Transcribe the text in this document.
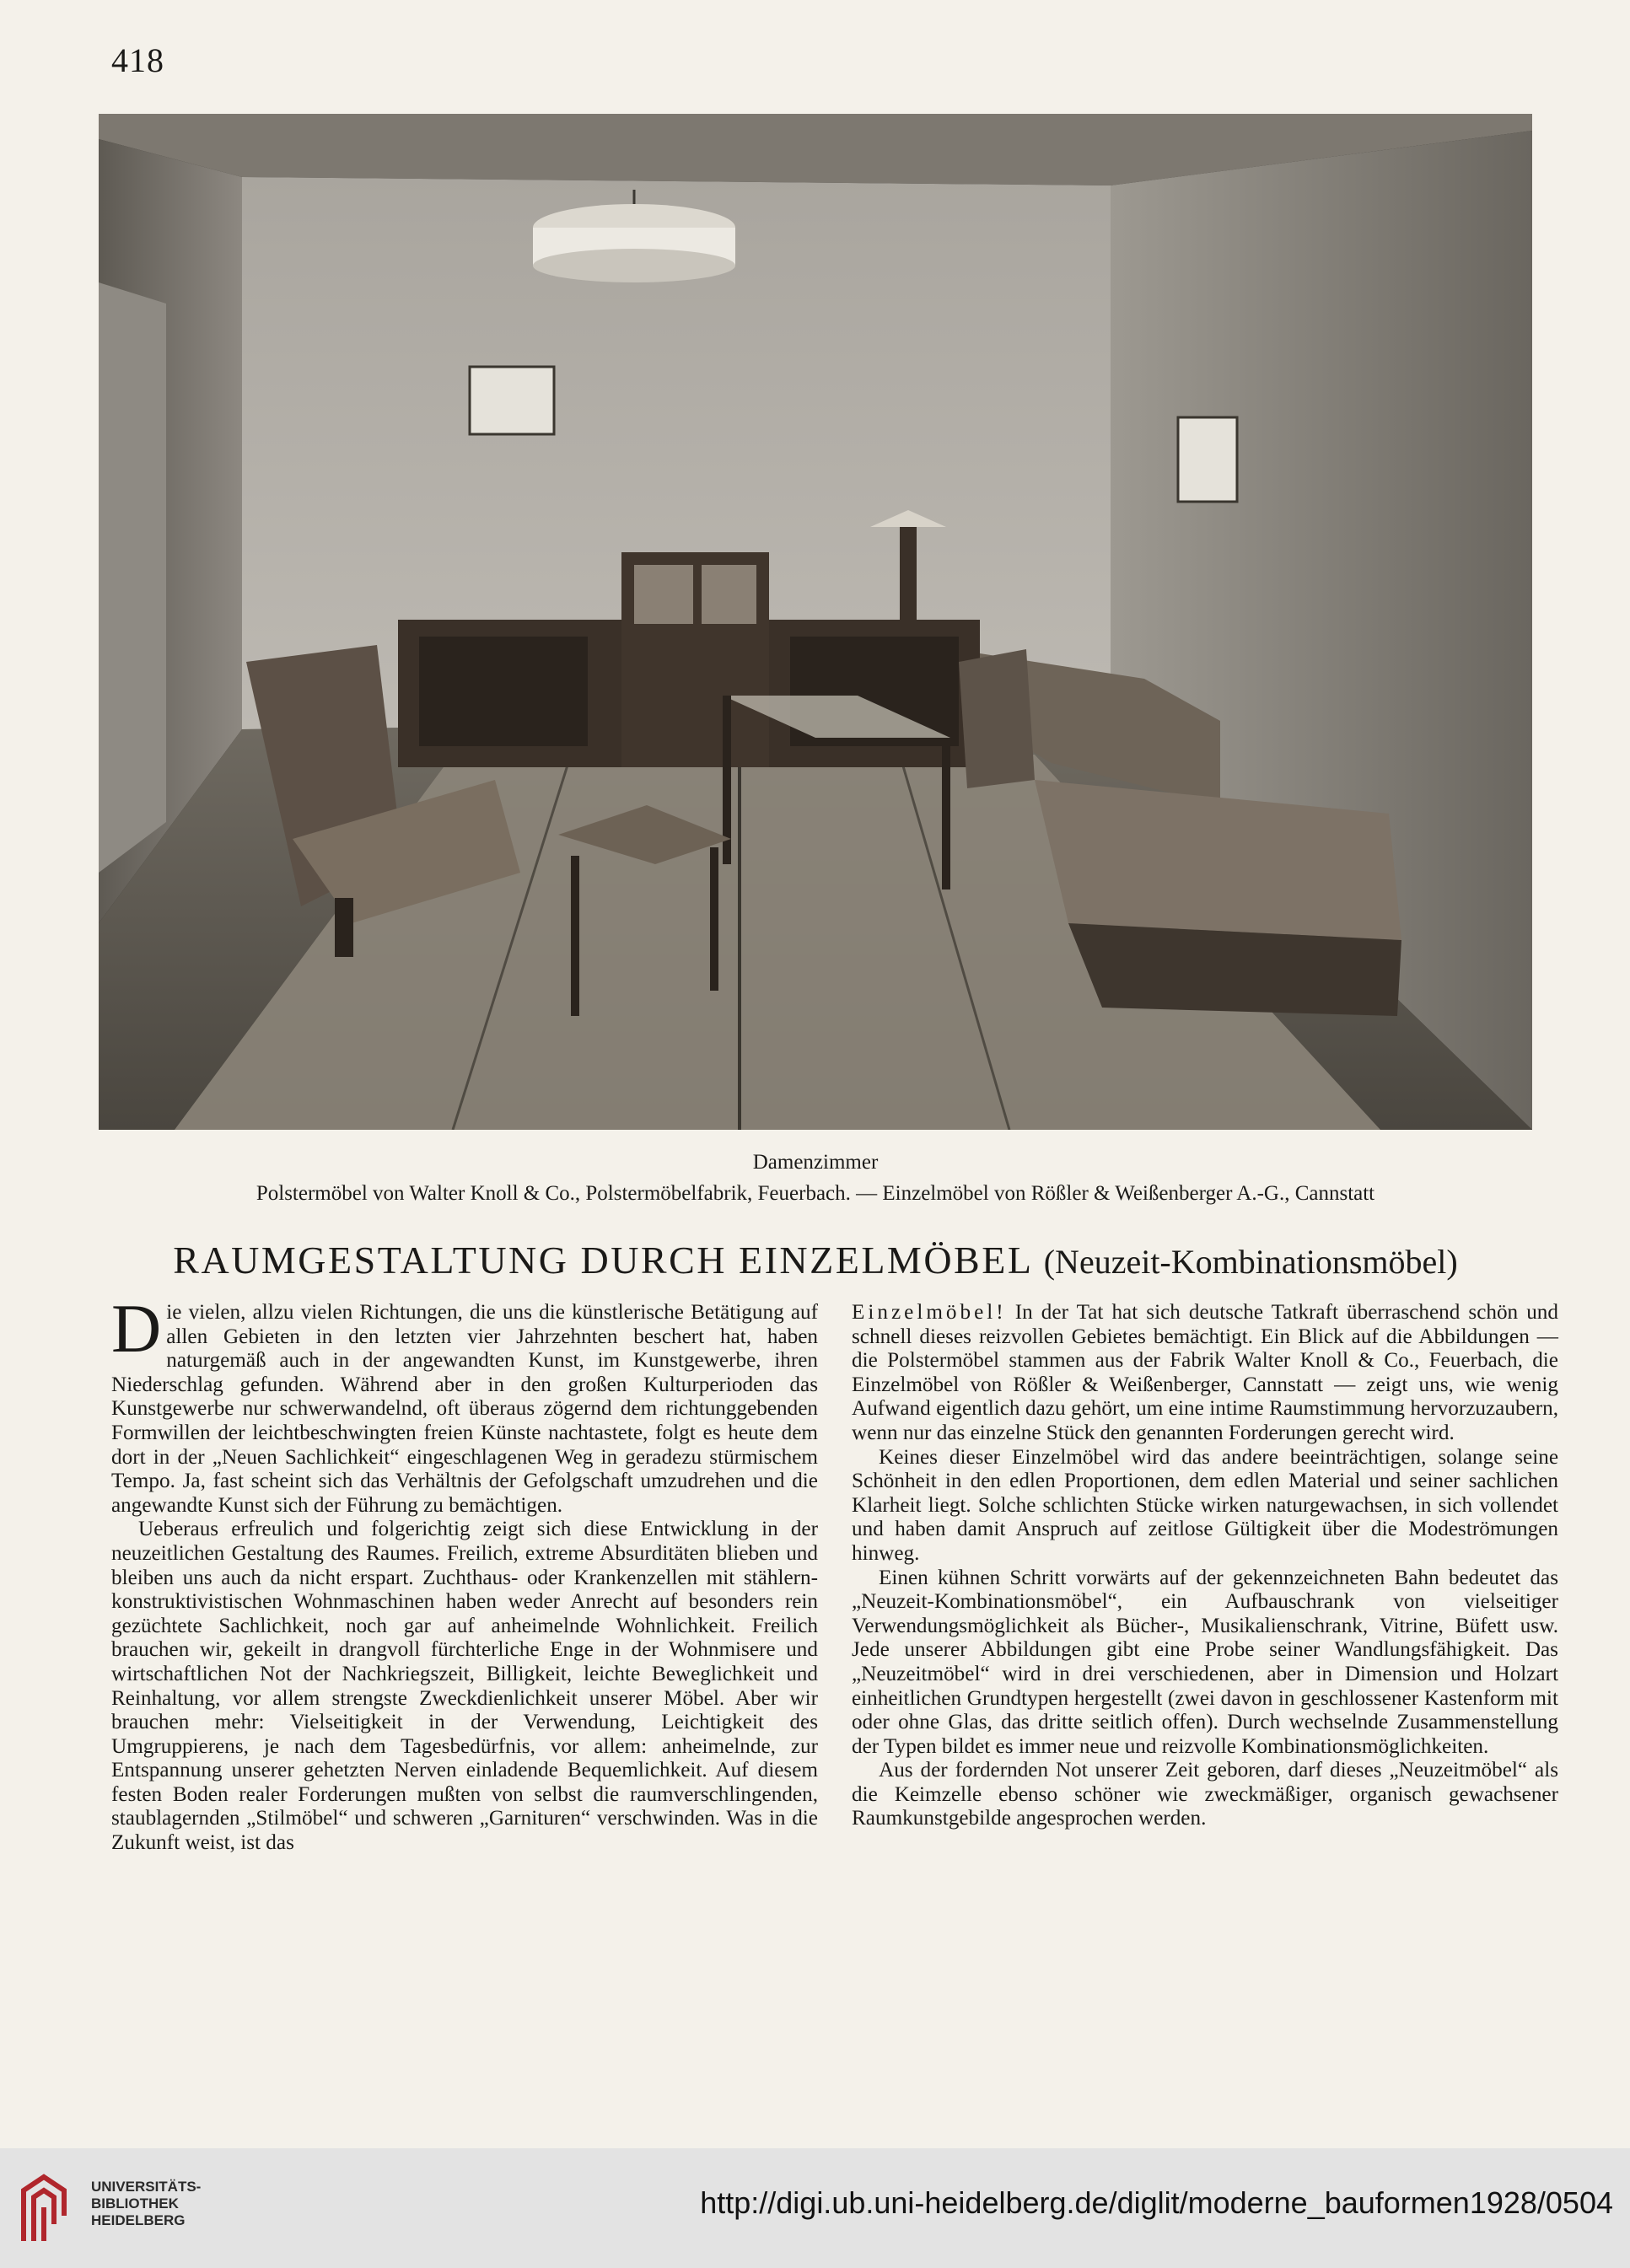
418
Damenzimmer
Polstermöbel von Walter Knoll & Co., Polstermöbelfabrik, Feuerbach. — Einzelmöbel von Rößler & Weißenberger A.-G., Cannstatt
RAUMGESTALTUNG DURCH EINZELMÖBEL (Neuzeit-Kombinationsmöbel)

Die vielen, allzu vielen Richtungen, die uns die künstlerische Betätigung auf allen Gebieten in den letzten vier Jahrzehnten beschert hat, haben naturgemäß auch in der angewandten Kunst, im Kunstgewerbe, ihren Niederschlag gefunden. Während aber in den großen Kulturperioden das Kunstgewerbe nur schwerwandelnd, oft überaus zögernd dem richtunggebenden Formwillen der leichtbeschwingten freien Künste nachtastete, folgt es heute dem dort in der „Neuen Sachlichkeit“ eingeschlagenen Weg in geradezu stürmischem Tempo. Ja, fast scheint sich das Verhältnis der Gefolgschaft umzudrehen und die angewandte Kunst sich der Führung zu bemächtigen.

Ueberaus erfreulich und folgerichtig zeigt sich diese Entwicklung in der neuzeitlichen Gestaltung des Raumes. Freilich, extreme Absurditäten blieben und bleiben uns auch da nicht erspart. Zuchthaus- oder Krankenzellen mit stählern-konstruktivistischen Wohnmaschinen haben weder Anrecht auf besonders rein gezüchtete Sachlichkeit, noch gar auf anheimelnde Wohnlichkeit. Freilich brauchen wir, gekeilt in drangvoll fürchterliche Enge in der Wohnmisere und wirtschaftlichen Not der Nachkriegszeit, Billigkeit, leichte Beweglichkeit und Reinhaltung, vor allem strengste Zweckdienlichkeit unserer Möbel. Aber wir brauchen mehr: Vielseitigkeit in der Verwendung, Leichtigkeit des Umgruppierens, je nach dem Tagesbedürfnis, vor allem: anheimelnde, zur Entspannung unserer gehetzten Nerven einladende Bequemlichkeit. Auf diesem festen Boden realer Forderungen mußten von selbst die raumverschlingenden, staublagernden „Stilmöbel“ und schweren „Garnituren“ verschwinden. Was in die Zukunft weist, ist das

Einzelmöbel! In der Tat hat sich deutsche Tatkraft überraschend schön und schnell dieses reizvollen Gebietes bemächtigt. Ein Blick auf die Abbildungen — die Polstermöbel stammen aus der Fabrik Walter Knoll & Co., Feuerbach, die Einzelmöbel von Rößler & Weißenberger, Cannstatt — zeigt uns, wie wenig Aufwand eigentlich dazu gehört, um eine intime Raumstimmung hervorzuzaubern, wenn nur das einzelne Stück den genannten Forderungen gerecht wird.

Keines dieser Einzelmöbel wird das andere beeinträchtigen, solange seine Schönheit in den edlen Proportionen, dem edlen Material und seiner sachlichen Klarheit liegt. Solche schlichten Stücke wirken naturgewachsen, in sich vollendet und haben damit Anspruch auf zeitlose Gültigkeit über die Modeströmungen hinweg.

Einen kühnen Schritt vorwärts auf der gekennzeichneten Bahn bedeutet das „Neuzeit-Kombinationsmöbel“, ein Aufbauschrank von vielseitiger Verwendungsmöglichkeit als Bücher-, Musikalienschrank, Vitrine, Büfett usw. Jede unserer Abbildungen gibt eine Probe seiner Wandlungsfähigkeit. Das „Neuzeitmöbel“ wird in drei verschiedenen, aber in Dimension und Holzart einheitlichen Grundtypen hergestellt (zwei davon in geschlossener Kastenform mit oder ohne Glas, das dritte seitlich offen). Durch wechselnde Zusammenstellung der Typen bildet es immer neue und reizvolle Kombinationsmöglichkeiten.

Aus der fordernden Not unserer Zeit geboren, darf dieses „Neuzeitmöbel“ als die Keimzelle ebenso schöner wie zweckmäßiger, organisch gewachsener Raumkunstgebilde angesprochen werden.

UNIVERSITÄTS-
BIBLIOTHEK
HEIDELBERG
http://digi.ub.uni-heidelberg.de/diglit/moderne_bauformen1928/0504
